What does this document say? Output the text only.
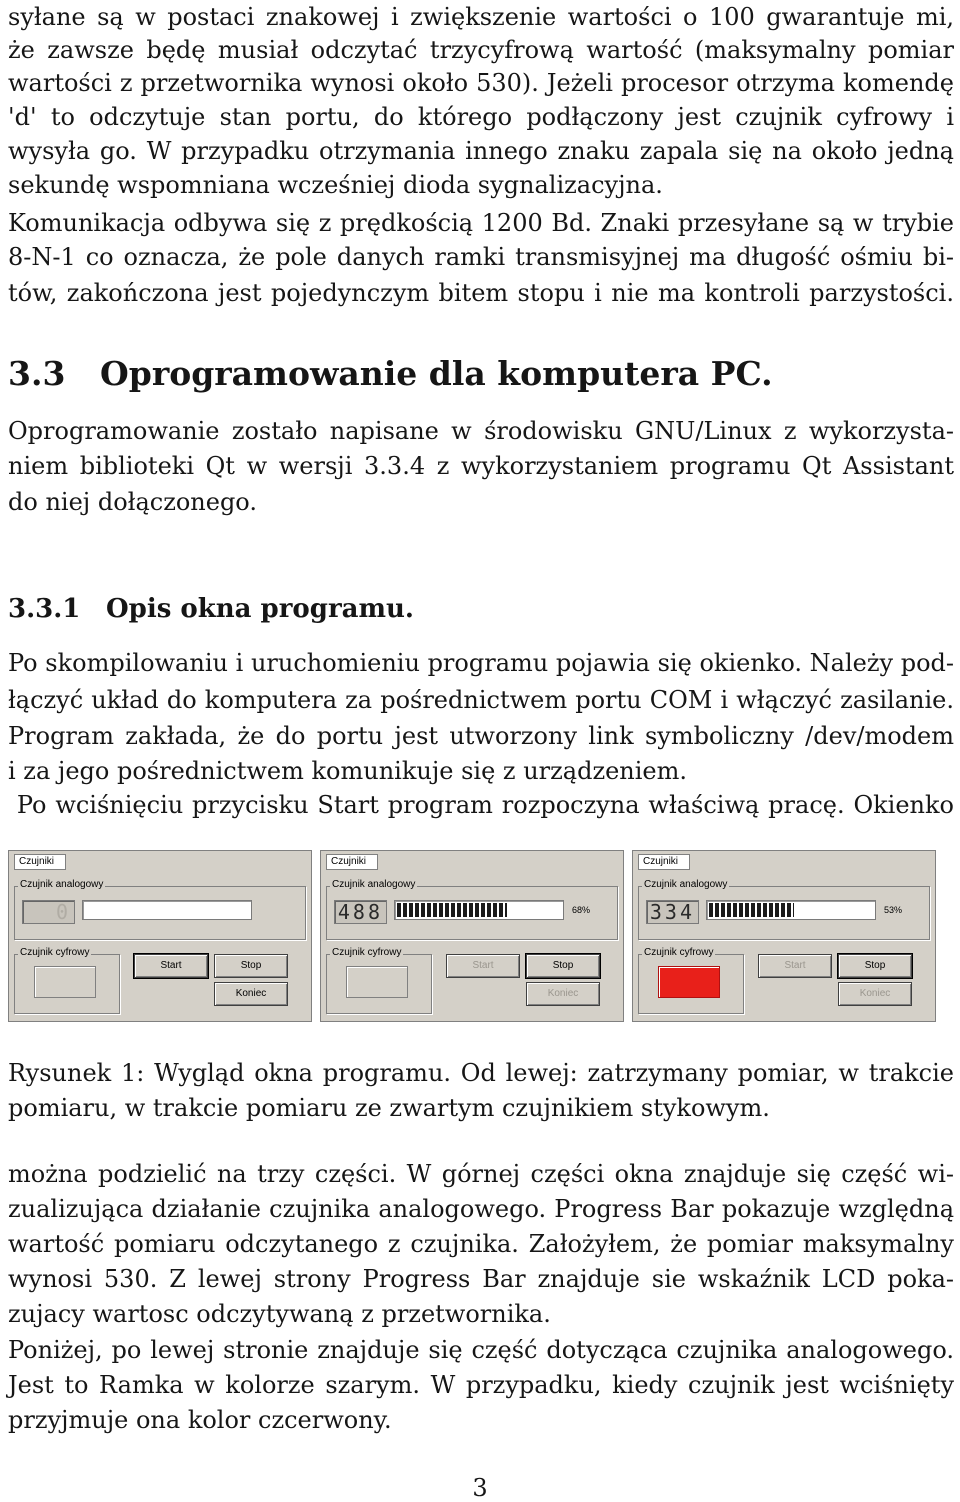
syłane są w postaci znakowej i zwiększenie wartości o 100 gwarantuje mi,
że zawsze będę musiał odczytać trzycyfrową wartość (maksymalny pomiar
wartości z przetwornika wynosi około 530). Jeżeli procesor otrzyma komendę
'd' to odczytuje stan portu, do którego podłączony jest czujnik cyfrowy i
wysyła go. W przypadku otrzymania innego znaku zapala się na około jedną
sekundę wspomniana wcześniej dioda sygnalizacyjna.
Komunikacja odbywa się z prędkością 1200 Bd. Znaki przesyłane są w trybie
8-N-1 co oznacza, że pole danych ramki transmisyjnej ma długość ośmiu bi-
tów, zakończona jest pojedynczym bitem stopu i nie ma kontroli parzystości.
3.3 Oprogramowanie dla komputera PC.
Oprogramowanie zostało napisane w środowisku GNU/Linux z wykorzysta-
niem biblioteki Qt w wersji 3.3.4 z wykorzystaniem programu Qt Assistant
do niej dołączonego.
3.3.1 Opis okna programu.
Po skompilowaniu i uruchomieniu programu pojawia się okienko. Należy pod-
łączyć układ do komputera za pośrednictwem portu COM i włączyć zasilanie.
Program zakłada, że do portu jest utworzony link symboliczny /dev/modem
i za jego pośrednictwem komunikuje się z urządzeniem.
Po wciśnięciu przycisku Start program rozpoczyna właściwą pracę. Okienko
Czujniki
Czujnik analogowy
0
Czujnik cyfrowy
Start	Stop
Koniec
Czujniki
Czujnik analogowy
488	68%
Czujnik cyfrowy
Start	Stop
Koniec
Czujniki
Czujnik analogowy
334	53%
Czujnik cyfrowy
Start	Stop
Koniec
Rysunek 1: Wygląd okna programu. Od lewej: zatrzymany pomiar, w trakcie
pomiaru, w trakcie pomiaru ze zwartym czujnikiem stykowym.
można podzielić na trzy części. W górnej części okna znajduje się część wi-
zualizująca działanie czujnika analogowego. Progress Bar pokazuje względną
wartość pomiaru odczytanego z czujnika. Założyłem, że pomiar maksymalny
wynosi 530. Z lewej strony Progress Bar znajduje sie wskaźnik LCD poka-
zujacy wartosc odczytywaną z przetwornika.
Poniżej, po lewej stronie znajduje się część dotycząca czujnika analogowego.
Jest to Ramka w kolorze szarym. W przypadku, kiedy czujnik jest wciśnięty
przyjmuje ona kolor czcerwony.
3
